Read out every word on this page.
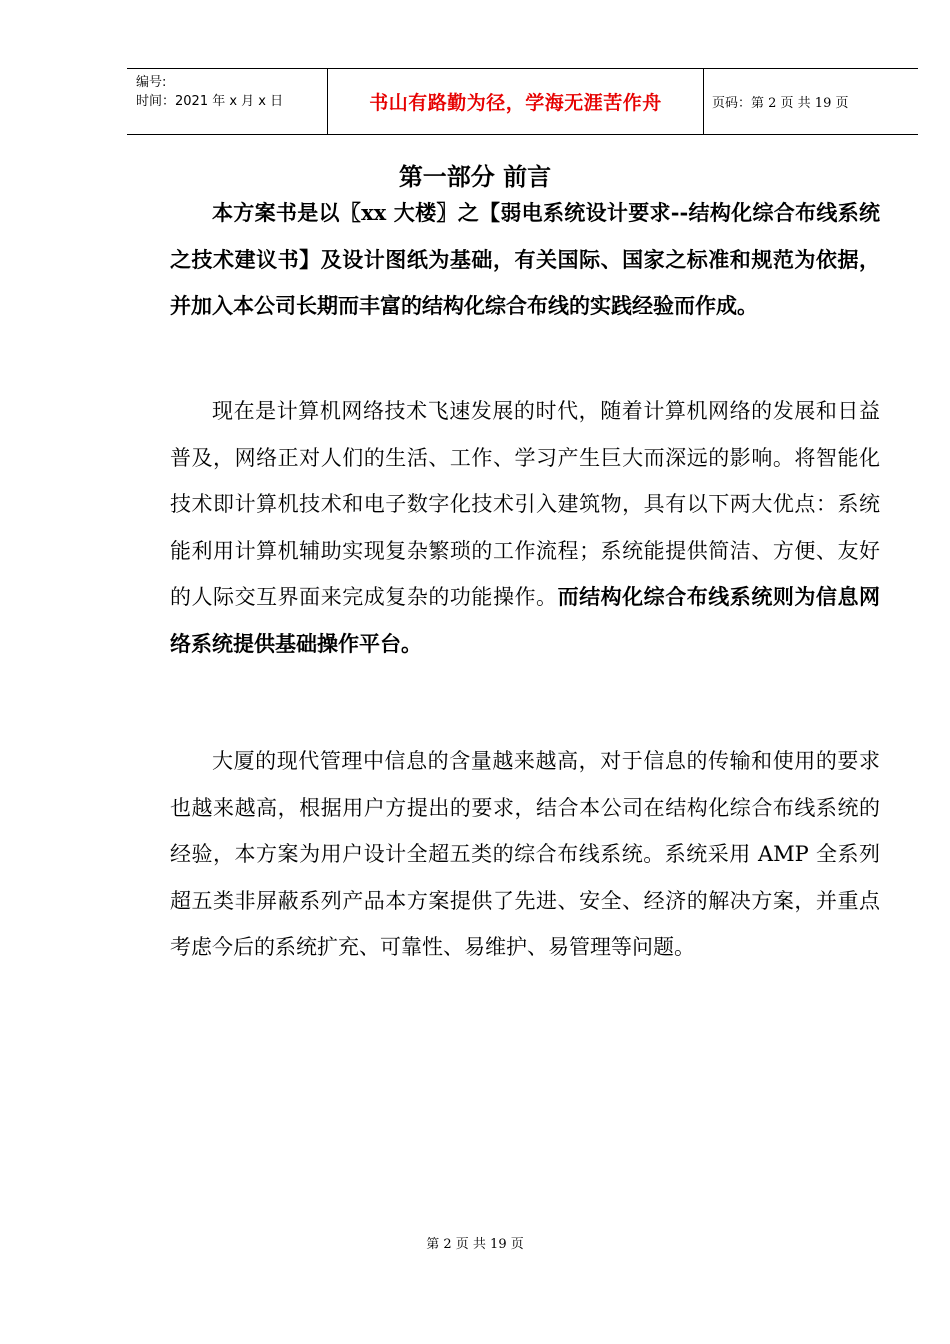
编号:
时间：2021 年 x 月 x 日	书山有路勤为径，学海无涯苦作舟	页码：第 2 页 共 19 页
第一部分 前言

本方案书是以〖xx 大楼〗之【弱电系统设计要求--结构化综合布线系统之技术建议书】及设计图纸为基础，有关国际、国家之标准和规范为依据，并加入本公司长期而丰富的结构化综合布线的实践经验而作成。

现在是计算机网络技术飞速发展的时代，随着计算机网络的发展和日益普及，网络正对人们的生活、工作、学习产生巨大而深远的影响。将智能化技术即计算机技术和电子数字化技术引入建筑物，具有以下两大优点：系统能利用计算机辅助实现复杂繁琐的工作流程；系统能提供简洁、方便、友好的人际交互界面来完成复杂的功能操作。而结构化综合布线系统则为信息网络系统提供基础操作平台。

大厦的现代管理中信息的含量越来越高，对于信息的传输和使用的要求也越来越高，根据用户方提出的要求，结合本公司在结构化综合布线系统的经验，本方案为用户设计全超五类的综合布线系统。系统采用 AMP 全系列超五类非屏蔽系列产品本方案提供了先进、安全、经济的解决方案，并重点考虑今后的系统扩充、可靠性、易维护、易管理等问题。

第 2 页 共 19 页
